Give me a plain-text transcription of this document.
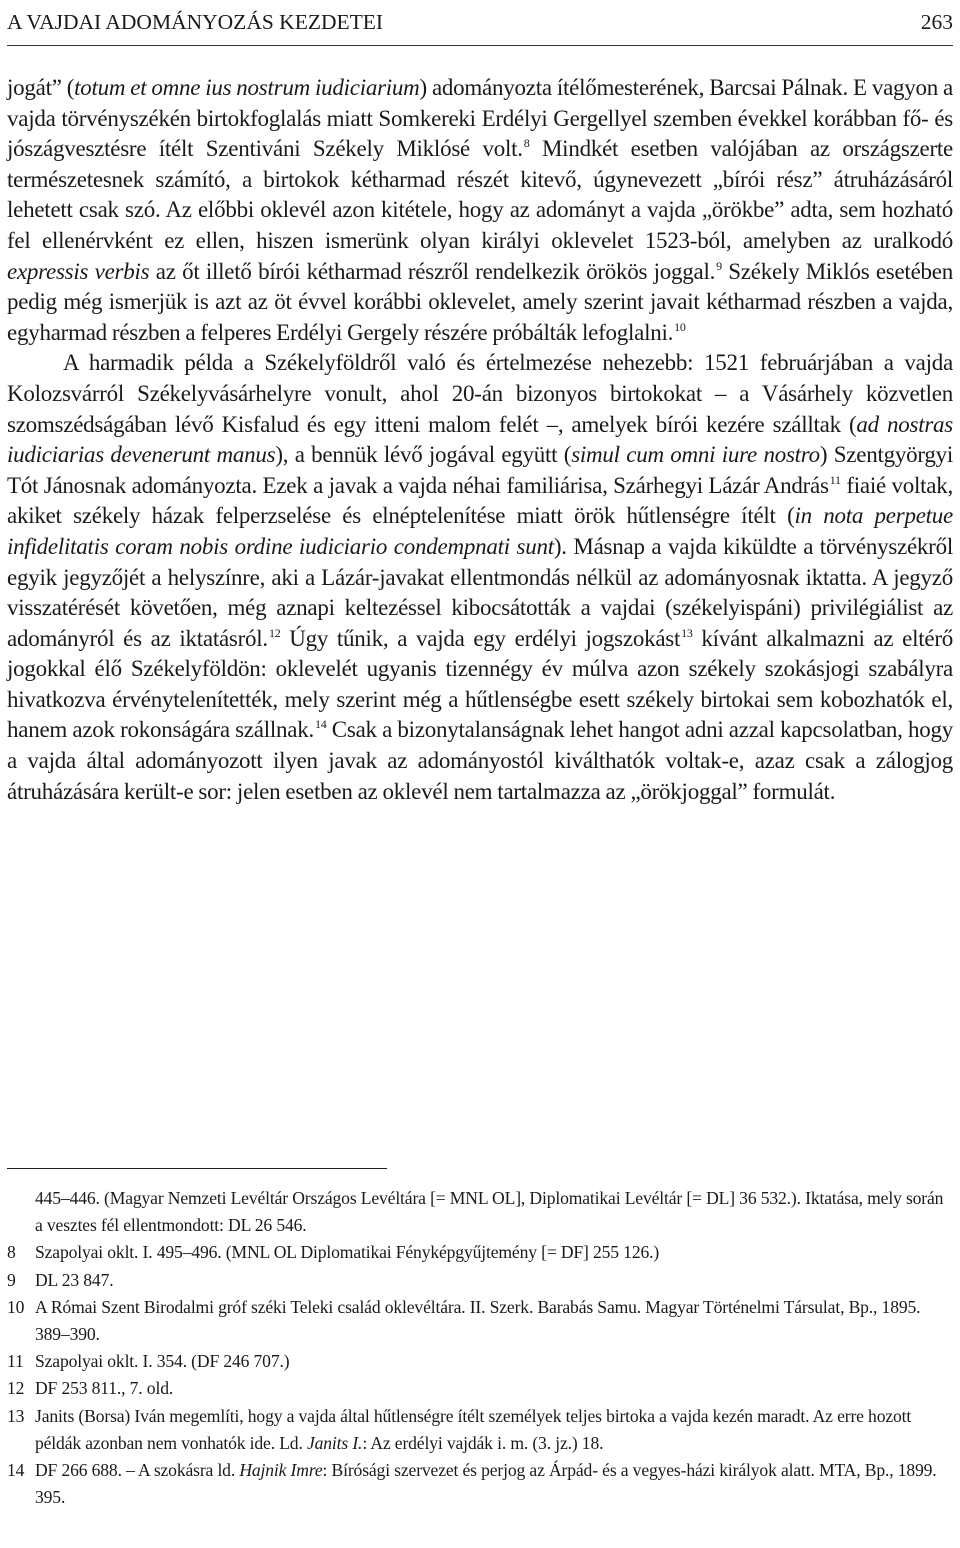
A VAJDAI ADOMÁNYOZÁS KEZDETEI	263

jogát” (totum et omne ius nostrum iudiciarium) adományozta ítélőmesterének, Barcsai Pálnak. E vagyon a vajda törvényszékén birtokfoglalás miatt Somkereki Erdélyi Gergellyel szemben évekkel korábban fő- és jószágvesztésre ítélt Szentiváni Székely Miklósé volt.$^8$ Mindkét esetben valójában az országszerte természetesnek számító, a birtokok kétharmad részét kitevő, úgynevezett „bírói rész” átruházásáról lehetett csak szó. Az előbbi oklevél azon kitétele, hogy az adományt a vajda „örökbe” adta, sem hozható fel ellenérvként ez ellen, hiszen ismerünk olyan királyi oklevelet 1523-ból, amelyben az uralkodó expressis verbis az őt illető bírói kétharmad részről rendelkezik örökös joggal.$^9$ Székely Miklós esetében pedig még ismerjük is azt az öt évvel korábbi oklevelet, amely szerint javait kétharmad részben a vajda, egyharmad részben a felperes Erdélyi Gergely részére próbálták lefoglalni.$^{10}$

A harmadik példa a Székelyföldről való és értelmezése nehezebb: 1521 februárjában a vajda Kolozsvárról Székelyvásárhelyre vonult, ahol 20-án bizonyos birtokokat – a Vásárhely közvetlen szomszédságában lévő Kisfalud és egy itteni malom felét –, amelyek bírói kezére szálltak (ad nostras iudiciarias devenerunt manus), a bennük lévő jogával együtt (simul cum omni iure nostro) Szentgyörgyi Tót Jánosnak adományozta. Ezek a javak a vajda néhai familiárisa, Szárhegyi Lázár András$^{11}$ fiaié voltak, akiket székely házak felperzselése és elnéptelenítése miatt örök hűtlenségre ítélt (in nota perpetue infidelitatis coram nobis ordine iudiciario condempnati sunt). Másnap a vajda kiküldte a törvényszékről egyik jegyzőjét a helyszínre, aki a Lázár-javakat ellentmondás nélkül az adományosnak iktatta. A jegyző visszatérését követően, még aznapi keltezéssel kibocsátották a vajdai (székelyispáni) privilégiálist az adományról és az iktatásról.$^{12}$ Úgy tűnik, a vajda egy erdélyi jogszokást$^{13}$ kívánt alkalmazni az eltérő jogokkal élő Székelyföldön: oklevelét ugyanis tizennégy év múlva azon székely szokásjogi szabályra hivatkozva érvénytelenítették, mely szerint még a hűtlenségbe esett székely birtokai sem kobozhatók el, hanem azok rokonságára szállnak.$^{14}$ Csak a bizonytalanságnak lehet hangot adni azzal kapcsolatban, hogy a vajda által adományozott ilyen javak az adományostól kiválthatók voltak-e, azaz csak a zálogjog átruházására került-e sor: jelen esetben az oklevél nem tartalmazza az „örökjoggal” formulát.

445–446. (Magyar Nemzeti Levéltár Országos Levéltára [= MNL OL], Diplomatikai Levéltár [= DL] 36 532.). Iktatása, mely során a vesztes fél ellentmondott: DL 26 546.
8	Szapolyai oklt. I. 495–496. (MNL OL Diplomatikai Fényképgyűjtemény [= DF] 255 126.)
9	DL 23 847.
10 A Római Szent Birodalmi gróf széki Teleki család oklevéltára. II. Szerk. Barabás Samu. Magyar Történelmi Társulat, Bp., 1895. 389–390.
11 Szapolyai oklt. I. 354. (DF 246 707.)
12 DF 253 811., 7. old.
13 Janits (Borsa) Iván megemlíti, hogy a vajda által hűtlenségre ítélt személyek teljes birtoka a vajda kezén maradt. Az erre hozott példák azonban nem vonhatók ide. Ld. Janits I.: Az erdélyi vajdák i. m. (3. jz.) 18.
14 DF 266 688. – A szokásra ld. Hajnik Imre: Bírósági szervezet és perjog az Árpád- és a vegyes-házi királyok alatt. MTA, Bp., 1899. 395.
